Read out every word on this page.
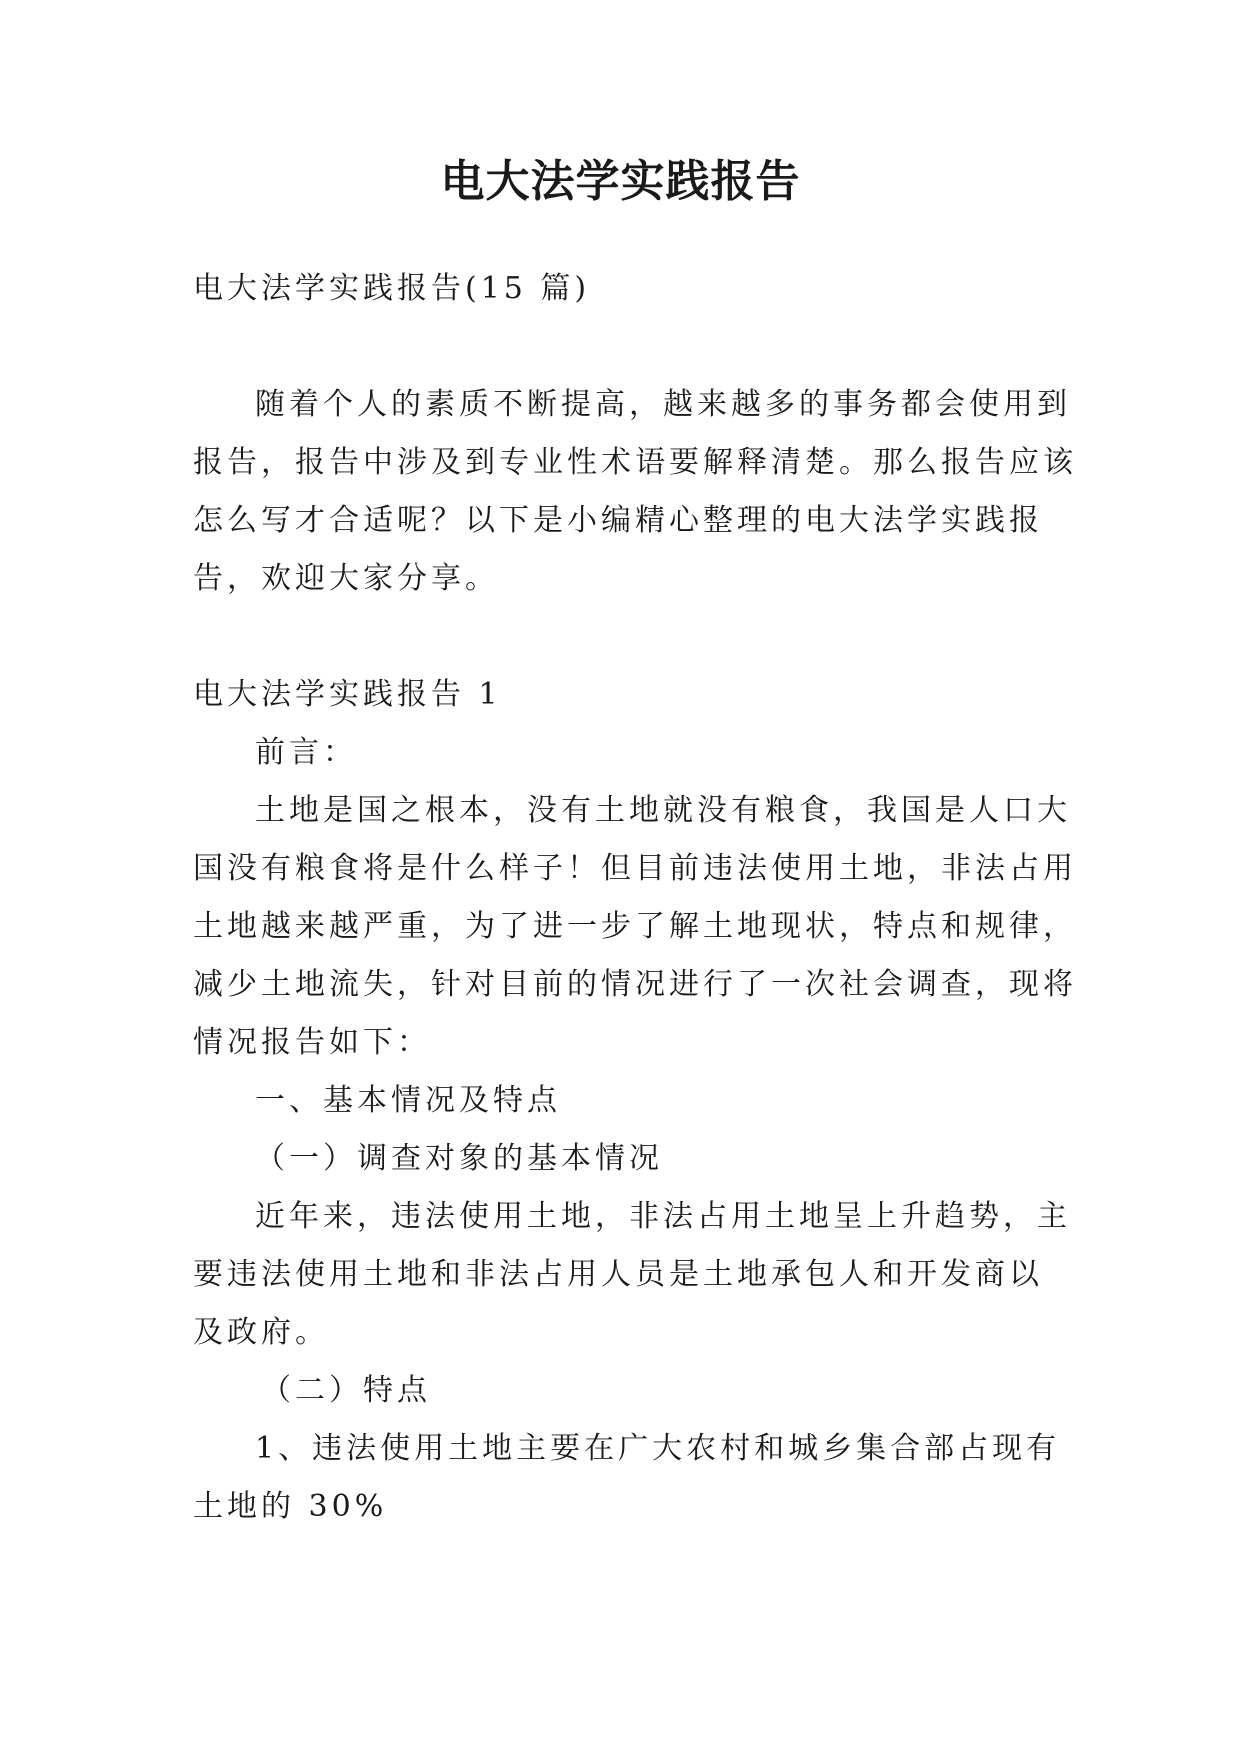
电大法学实践报告

电大法学实践报告(15 篇)

随着个人的素质不断提高，越来越多的事务都会使用到

报告，报告中涉及到专业性术语要解释清楚。那么报告应该

怎么写才合适呢？以下是小编精心整理的电大法学实践报

告，欢迎大家分享。

电大法学实践报告 1

前言：

土地是国之根本，没有土地就没有粮食，我国是人口大

国没有粮食将是什么样子！但目前违法使用土地，非法占用

土地越来越严重，为了进一步了解土地现状，特点和规律，

减少土地流失，针对目前的情况进行了一次社会调查，现将

情况报告如下：

一、基本情况及特点

（一）调查对象的基本情况

近年来，违法使用土地，非法占用土地呈上升趋势，主

要违法使用土地和非法占用人员是土地承包人和开发商以

及政府。

（二）特点

1、违法使用土地主要在广大农村和城乡集合部占现有

土地的 30%
